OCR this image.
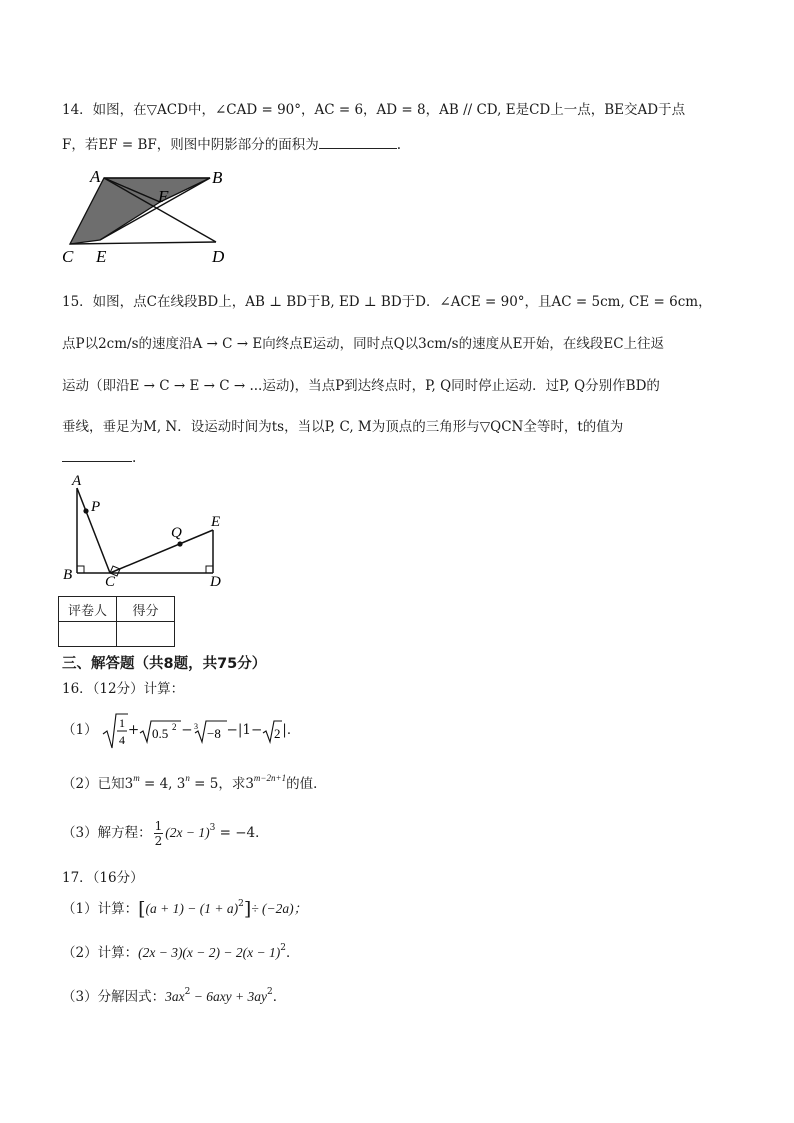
14．如图，在▽ACD中，∠CAD = 90°，AC = 6，AD = 8，AB // CD, E是CD上一点，BE交AD于点
F，若EF = BF，则图中阴影部分的面积为	.
A	B
F
C E	D
15．如图，点C在线段BD上，AB ⊥ BD于B, ED ⊥ BD于D．∠ACE = 90°，且AC = 5cm, CE = 6cm，
点P以2cm/s的速度沿A → C → E向终点E运动，同时点Q以3cm/s的速度从E开始，在线段EC上往返
运动（即沿E → C → E → C → ...运动)，当点P到达终点时，P, Q同时停止运动．过P, Q分别作BD的
垂线，垂足为M, N．设运动时间为ts，当以P, C, M为顶点的三角形与▽QCN全等时，t的值为
.
A
P
Q
E
B C	D
评卷人	得分

三、解答题（共8题，共75分）
16．（12分）计算：
（1） 1
4
+ 0.5 2 − 3 −8 −|1− 2 |．
（2）已知$3^m = 4$, $3^n = 5$，求$3^{m-2n+1}$的值．
（3）解方程： $\frac{1}{2} (2x - 1)^3 = -4$．
17．（16分）
（1）计算：$[(a + 1) - (1 + a)^2]\div (-2a)$；
（2）计算：$(2x - 3)(x - 2) - 2(x - 1)^2$．
（3）分解因式：$3ax^2 - 6axy + 3ay^2$．
